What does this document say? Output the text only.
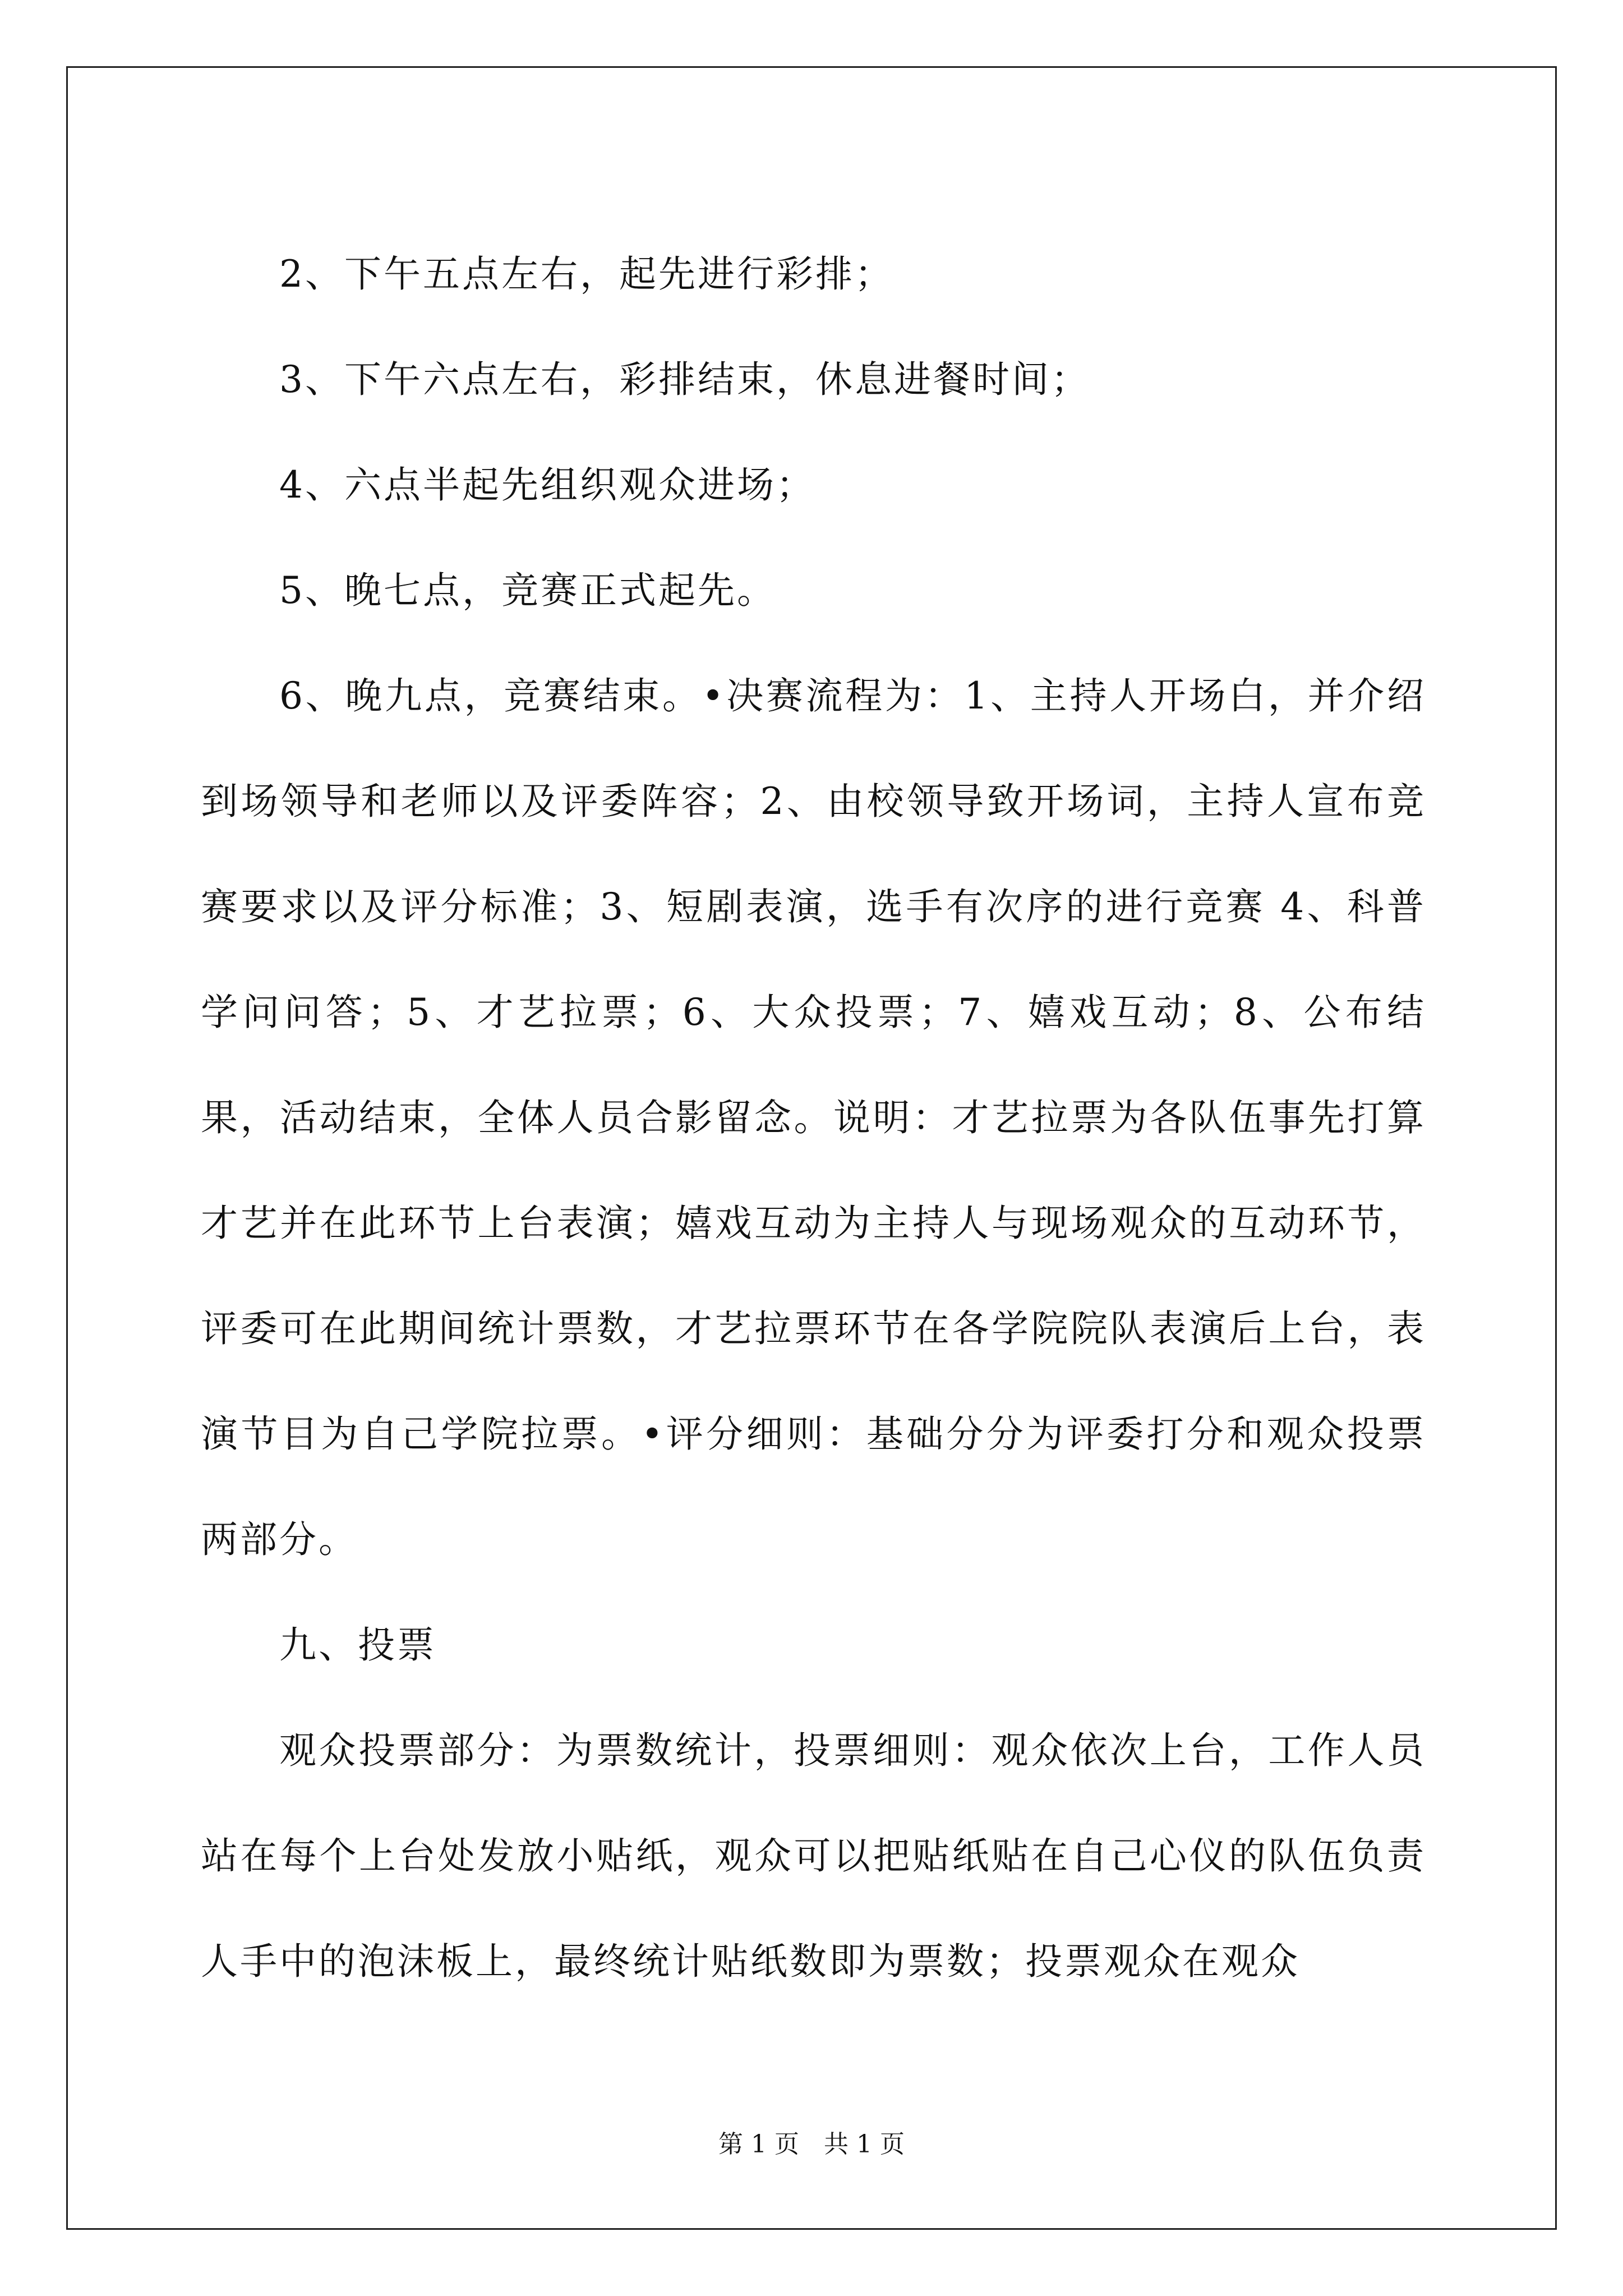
2、下午五点左右，起先进行彩排；

3、下午六点左右，彩排结束，休息进餐时间；

4、六点半起先组织观众进场；

5、晚七点，竞赛正式起先。

6、晚九点，竞赛结束。•决赛流程为：1、主持人开场白，并介绍到场领导和老师以及评委阵容；2、由校领导致开场词，主持人宣布竞赛要求以及评分标准；3、短剧表演，选手有次序的进行竞赛 4、科普学问问答；5、才艺拉票；6、大众投票；7、嬉戏互动；8、公布结果，活动结束，全体人员合影留念。说明：才艺拉票为各队伍事先打算才艺并在此环节上台表演；嬉戏互动为主持人与现场观众的互动环节，评委可在此期间统计票数，才艺拉票环节在各学院院队表演后上台，表演节目为自己学院拉票。•评分细则：基础分分为评委打分和观众投票两部分。

九、投票

观众投票部分：为票数统计，投票细则：观众依次上台，工作人员站在每个上台处发放小贴纸，观众可以把贴纸贴在自己心仪的队伍负责人手中的泡沫板上，最终统计贴纸数即为票数；投票观众在观众

第 1 页　共 1 页
